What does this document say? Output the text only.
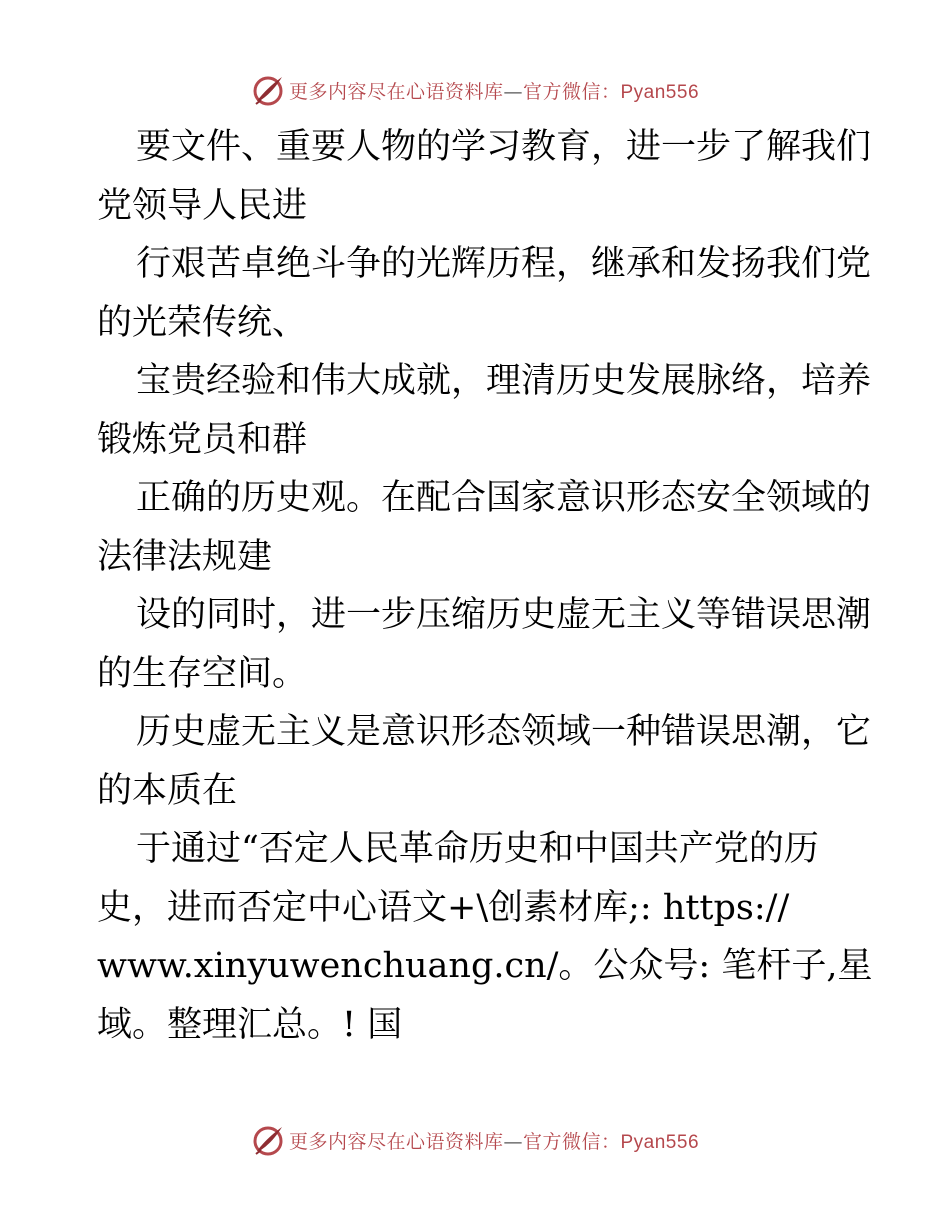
更多内容尽在心语资料库—官方微信：Pyan556
要文件、重要人物的学习教育，进一步了解我们
党领导人民进
行艰苦卓绝斗争的光辉历程，继承和发扬我们党
的光荣传统、
宝贵经验和伟大成就，理清历史发展脉络，培养
锻炼党员和群
正确的历史观。在配合国家意识形态安全领域的
法律法规建
设的同时，进一步压缩历史虚无主义等错误思潮
的生存空间。
历史虚无主义是意识形态领域一种错误思潮，它
的本质在
于通过“否定人民革命历史和中国共产党的历
史，进而否定中心语文+\创素材库;: https://
www.xinyuwenchuang.cn/。公众号: 笔杆子,星
域。整理汇总。! 国
更多内容尽在心语资料库—官方微信：Pyan556
